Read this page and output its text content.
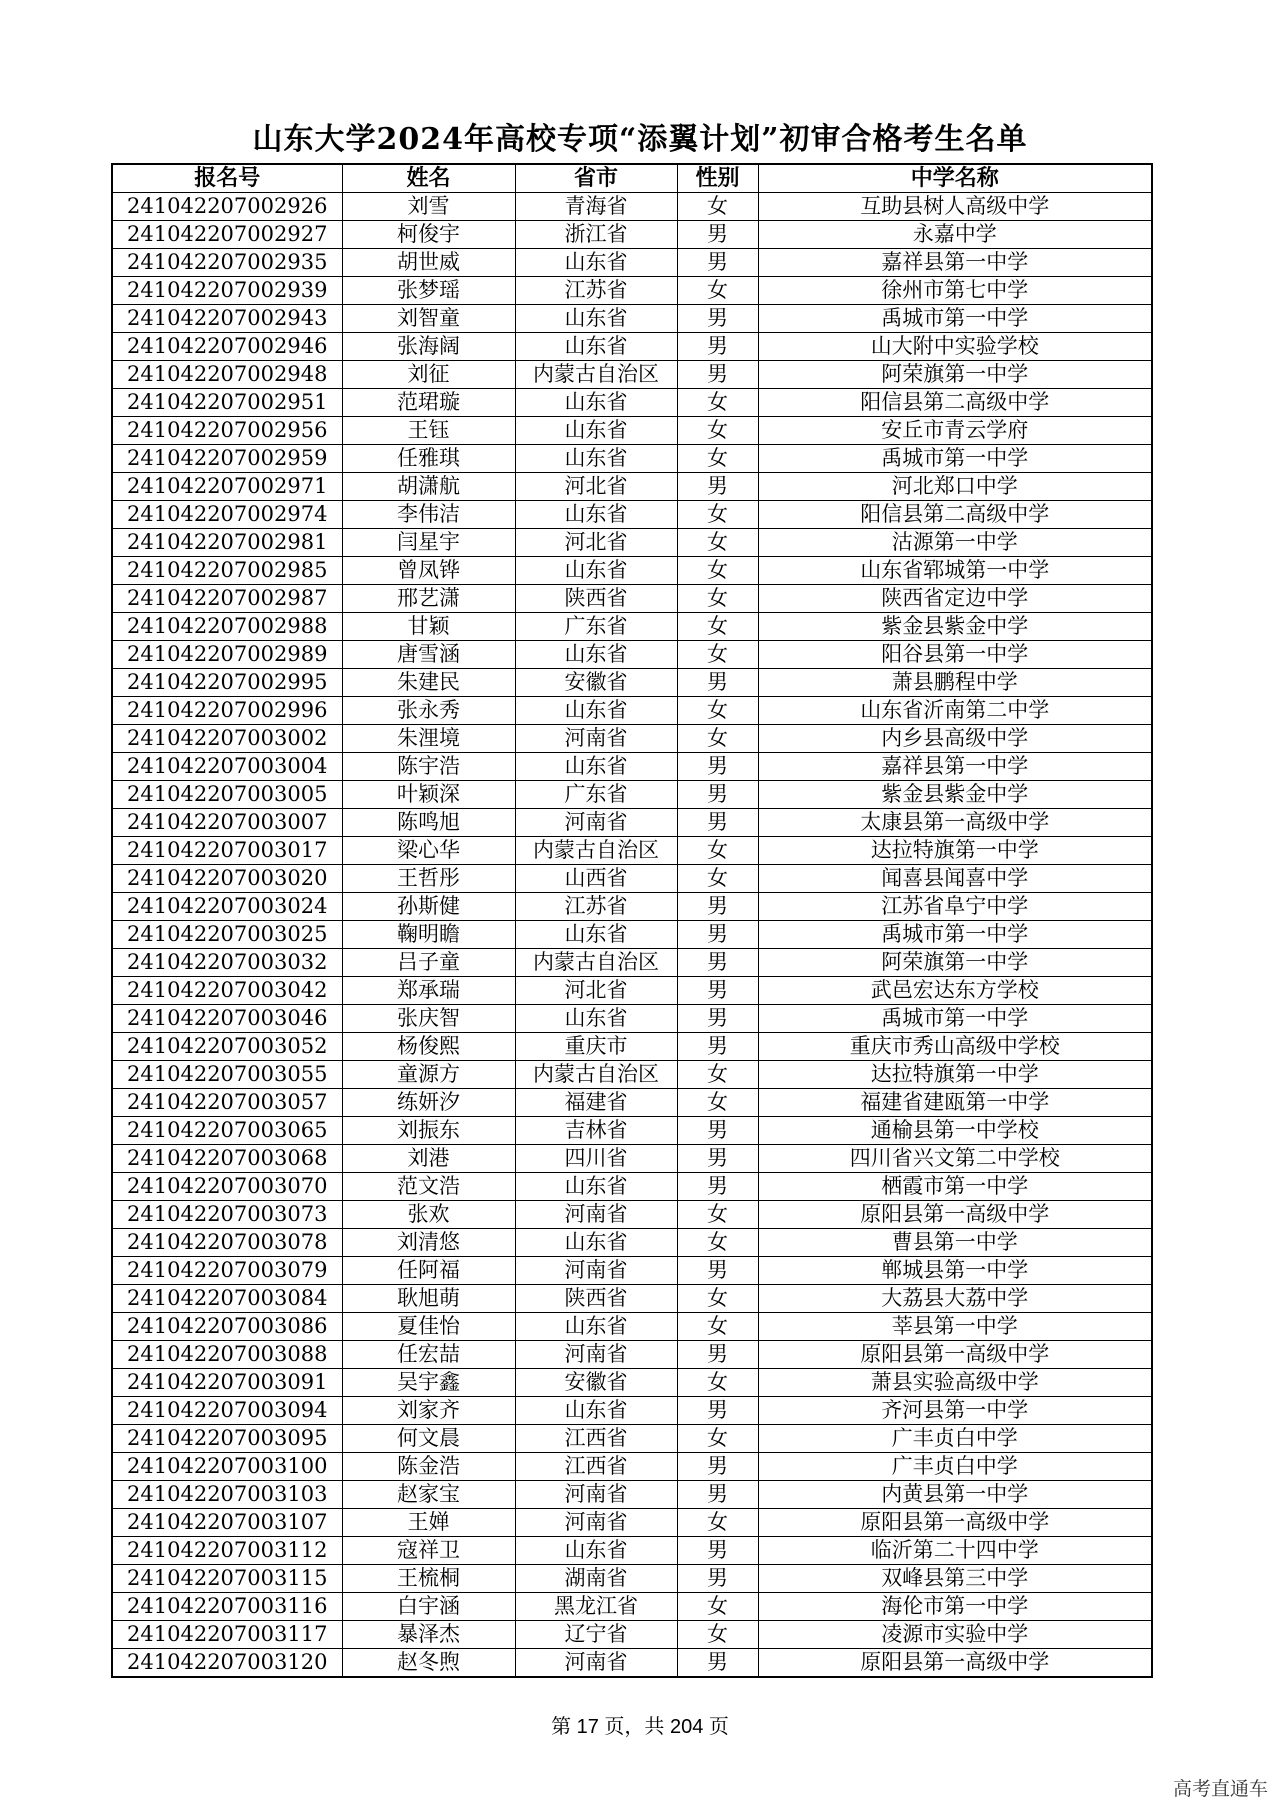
山东大学2024年高校专项“添翼计划”初审合格考生名单
报名号	姓名	省市	性别	中学名称
241042207002926	刘雪	青海省	女	互助县树人高级中学
241042207002927	柯俊宇	浙江省	男	永嘉中学
241042207002935	胡世威	山东省	男	嘉祥县第一中学
241042207002939	张梦瑶	江苏省	女	徐州市第七中学
241042207002943	刘智童	山东省	男	禹城市第一中学
241042207002946	张海阔	山东省	男	山大附中实验学校
241042207002948	刘征	内蒙古自治区	男	阿荣旗第一中学
241042207002951	范珺璇	山东省	女	阳信县第二高级中学
241042207002956	王钰	山东省	女	安丘市青云学府
241042207002959	任雅琪	山东省	女	禹城市第一中学
241042207002971	胡潇航	河北省	男	河北郑口中学
241042207002974	李伟洁	山东省	女	阳信县第二高级中学
241042207002981	闫星宇	河北省	女	沽源第一中学
241042207002985	曾凤铧	山东省	女	山东省郓城第一中学
241042207002987	邢艺潇	陕西省	女	陕西省定边中学
241042207002988	甘颖	广东省	女	紫金县紫金中学
241042207002989	唐雪涵	山东省	女	阳谷县第一中学
241042207002995	朱建民	安徽省	男	萧县鹏程中学
241042207002996	张永秀	山东省	女	山东省沂南第二中学
241042207003002	朱浬境	河南省	女	内乡县高级中学
241042207003004	陈宇浩	山东省	男	嘉祥县第一中学
241042207003005	叶颖深	广东省	男	紫金县紫金中学
241042207003007	陈鸣旭	河南省	男	太康县第一高级中学
241042207003017	梁心华	内蒙古自治区	女	达拉特旗第一中学
241042207003020	王哲彤	山西省	女	闻喜县闻喜中学
241042207003024	孙斯健	江苏省	男	江苏省阜宁中学
241042207003025	鞠明瞻	山东省	男	禹城市第一中学
241042207003032	吕子童	内蒙古自治区	男	阿荣旗第一中学
241042207003042	郑承瑞	河北省	男	武邑宏达东方学校
241042207003046	张庆智	山东省	男	禹城市第一中学
241042207003052	杨俊熙	重庆市	男	重庆市秀山高级中学校
241042207003055	童源方	内蒙古自治区	女	达拉特旗第一中学
241042207003057	练妍汐	福建省	女	福建省建瓯第一中学
241042207003065	刘振东	吉林省	男	通榆县第一中学校
241042207003068	刘港	四川省	男	四川省兴文第二中学校
241042207003070	范文浩	山东省	男	栖霞市第一中学
241042207003073	张欢	河南省	女	原阳县第一高级中学
241042207003078	刘清悠	山东省	女	曹县第一中学
241042207003079	任阿福	河南省	男	郸城县第一中学
241042207003084	耿旭萌	陕西省	女	大荔县大荔中学
241042207003086	夏佳怡	山东省	女	莘县第一中学
241042207003088	任宏喆	河南省	男	原阳县第一高级中学
241042207003091	吴宇鑫	安徽省	女	萧县实验高级中学
241042207003094	刘家齐	山东省	男	齐河县第一中学
241042207003095	何文晨	江西省	女	广丰贞白中学
241042207003100	陈金浩	江西省	男	广丰贞白中学
241042207003103	赵家宝	河南省	男	内黄县第一中学
241042207003107	王婵	河南省	女	原阳县第一高级中学
241042207003112	寇祥卫	山东省	男	临沂第二十四中学
241042207003115	王梳桐	湖南省	男	双峰县第三中学
241042207003116	白宇涵	黑龙江省	女	海伦市第一中学
241042207003117	暴泽杰	辽宁省	女	凌源市实验中学
241042207003120	赵冬煦	河南省	男	原阳县第一高级中学
第 17 页，共 204 页
高考直通车
